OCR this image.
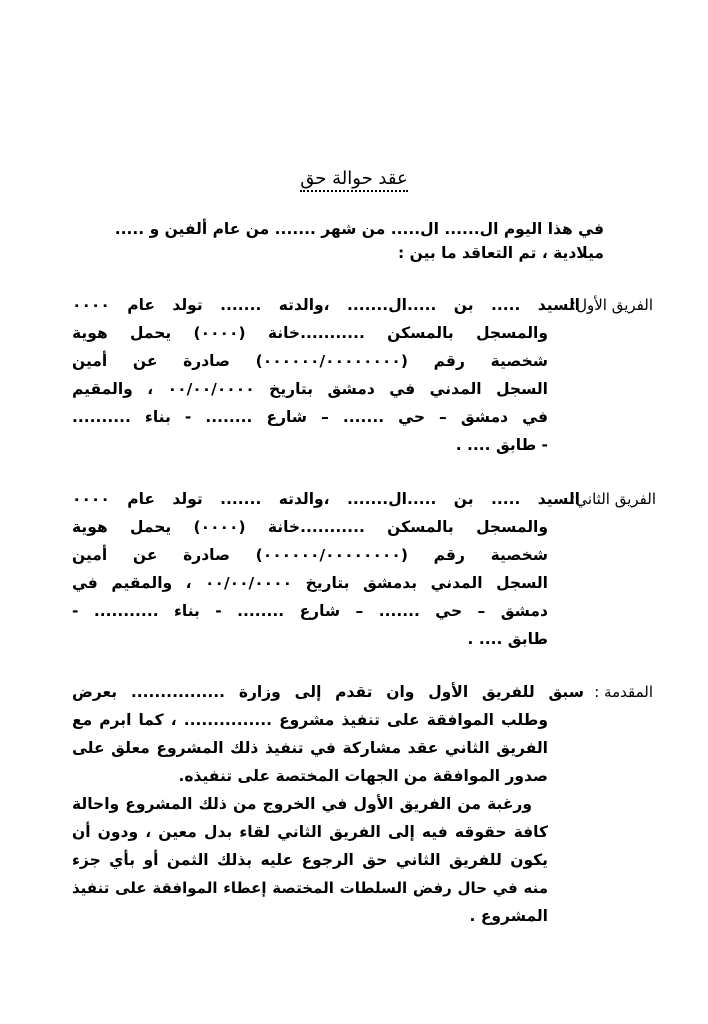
عقد حوالة حق
في هذا اليوم ال...... ال..... من شهر ....... من عام ألفين و .....
ميلادية ، تم التعاقد ما بين :
الفريق الأول:
السيد ..... بن .....ال....... ،والدته ....... تولد عام ٠٠٠٠
والمسجل بالمسكن ...........خانة (٠٠٠٠) يحمل هوية
شخصية رقم (٠٠٠٠٠٠/٠٠٠٠٠٠٠٠) صادرة عن أمين
السجل المدني في دمشق بتاريخ ٠٠/٠٠/٠٠٠٠ ، والمقيم
في دمشق – حي ....... – شارع ........ - بناء ..........
- طابق .... .
الفريق الثاني:
السيد ..... بن .....ال....... ،والدته ....... تولد عام ٠٠٠٠
والمسجل بالمسكن ...........خانة (٠٠٠٠) يحمل هوية
شخصية رقم (٠٠٠٠٠٠/٠٠٠٠٠٠٠٠) صادرة عن أمين
السجل المدني بدمشق بتاريخ ٠٠/٠٠/٠٠٠٠ ، والمقيم في
دمشق – حي ....... – شارع ........ - بناء ........... -
طابق .... .
المقدمة :
سبق للفريق الأول وان تقدم إلى وزارة ................ بعرض
وطلب الموافقة على تنفيذ مشروع ............... ، كما ابرم مع
الفريق الثاني عقد مشاركة في تنفيذ ذلك المشروع معلق على
صدور الموافقة من الجهات المختصة على تنفيذه.
ورغبة من الفريق الأول في الخروج من ذلك المشروع واحالة
كافة حقوقه فيه إلى الفريق الثاني لقاء بدل معين ، ودون أن
يكون للفريق الثاني حق الرجوع عليه بذلك الثمن أو بأي جزء
منه في حال رفض السلطات المختصة إعطاء الموافقة على تنفيذ
المشروع .
